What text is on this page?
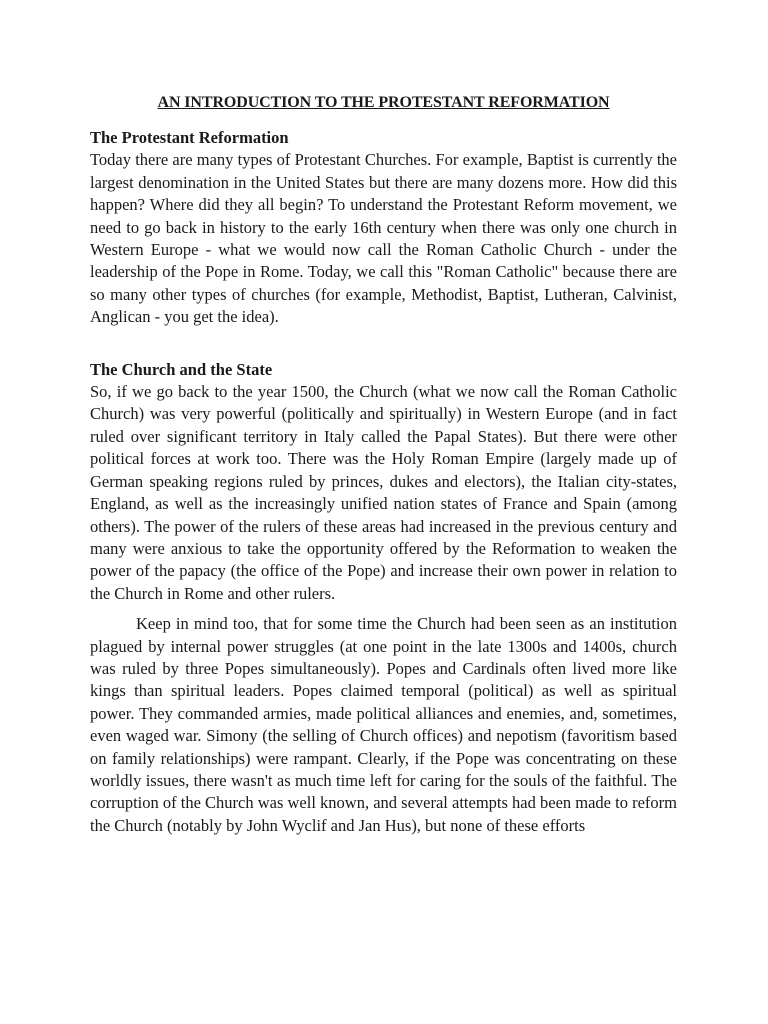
AN INTRODUCTION TO THE PROTESTANT REFORMATION
The Protestant Reformation

Today there are many types of Protestant Churches. For example, Baptist is currently the largest denomination in the United States but there are many dozens more. How did this happen? Where did they all begin? To understand the Protestant Reform movement, we need to go back in history to the early 16th century when there was only one church in Western Europe - what we would now call the Roman Catholic Church - under the leadership of the Pope in Rome. Today, we call this "Roman Catholic" because there are so many other types of churches (for example, Methodist, Baptist, Lutheran, Calvinist, Anglican - you get the idea).

The Church and the State

So, if we go back to the year 1500, the Church (what we now call the Roman Catholic Church) was very powerful (politically and spiritually) in Western Europe (and in fact ruled over significant territory in Italy called the Papal States). But there were other political forces at work too. There was the Holy Roman Empire (largely made up of German speaking regions ruled by princes, dukes and electors), the Italian city-states, England, as well as the increasingly unified nation states of France and Spain (among others). The power of the rulers of these areas had increased in the previous century and many were anxious to take the opportunity offered by the Reformation to weaken the power of the papacy (the office of the Pope) and increase their own power in relation to the Church in Rome and other rulers.

Keep in mind too, that for some time the Church had been seen as an institution plagued by internal power struggles (at one point in the late 1300s and 1400s, church was ruled by three Popes simultaneously). Popes and Cardinals often lived more like kings than spiritual leaders. Popes claimed temporal (political) as well as spiritual power. They commanded armies, made political alliances and enemies, and, sometimes, even waged war. Simony (the selling of Church offices) and nepotism (favoritism based on family relationships) were rampant. Clearly, if the Pope was concentrating on these worldly issues, there wasn't as much time left for caring for the souls of the faithful. The corruption of the Church was well known, and several attempts had been made to reform the Church (notably by John Wyclif and Jan Hus), but none of these efforts
